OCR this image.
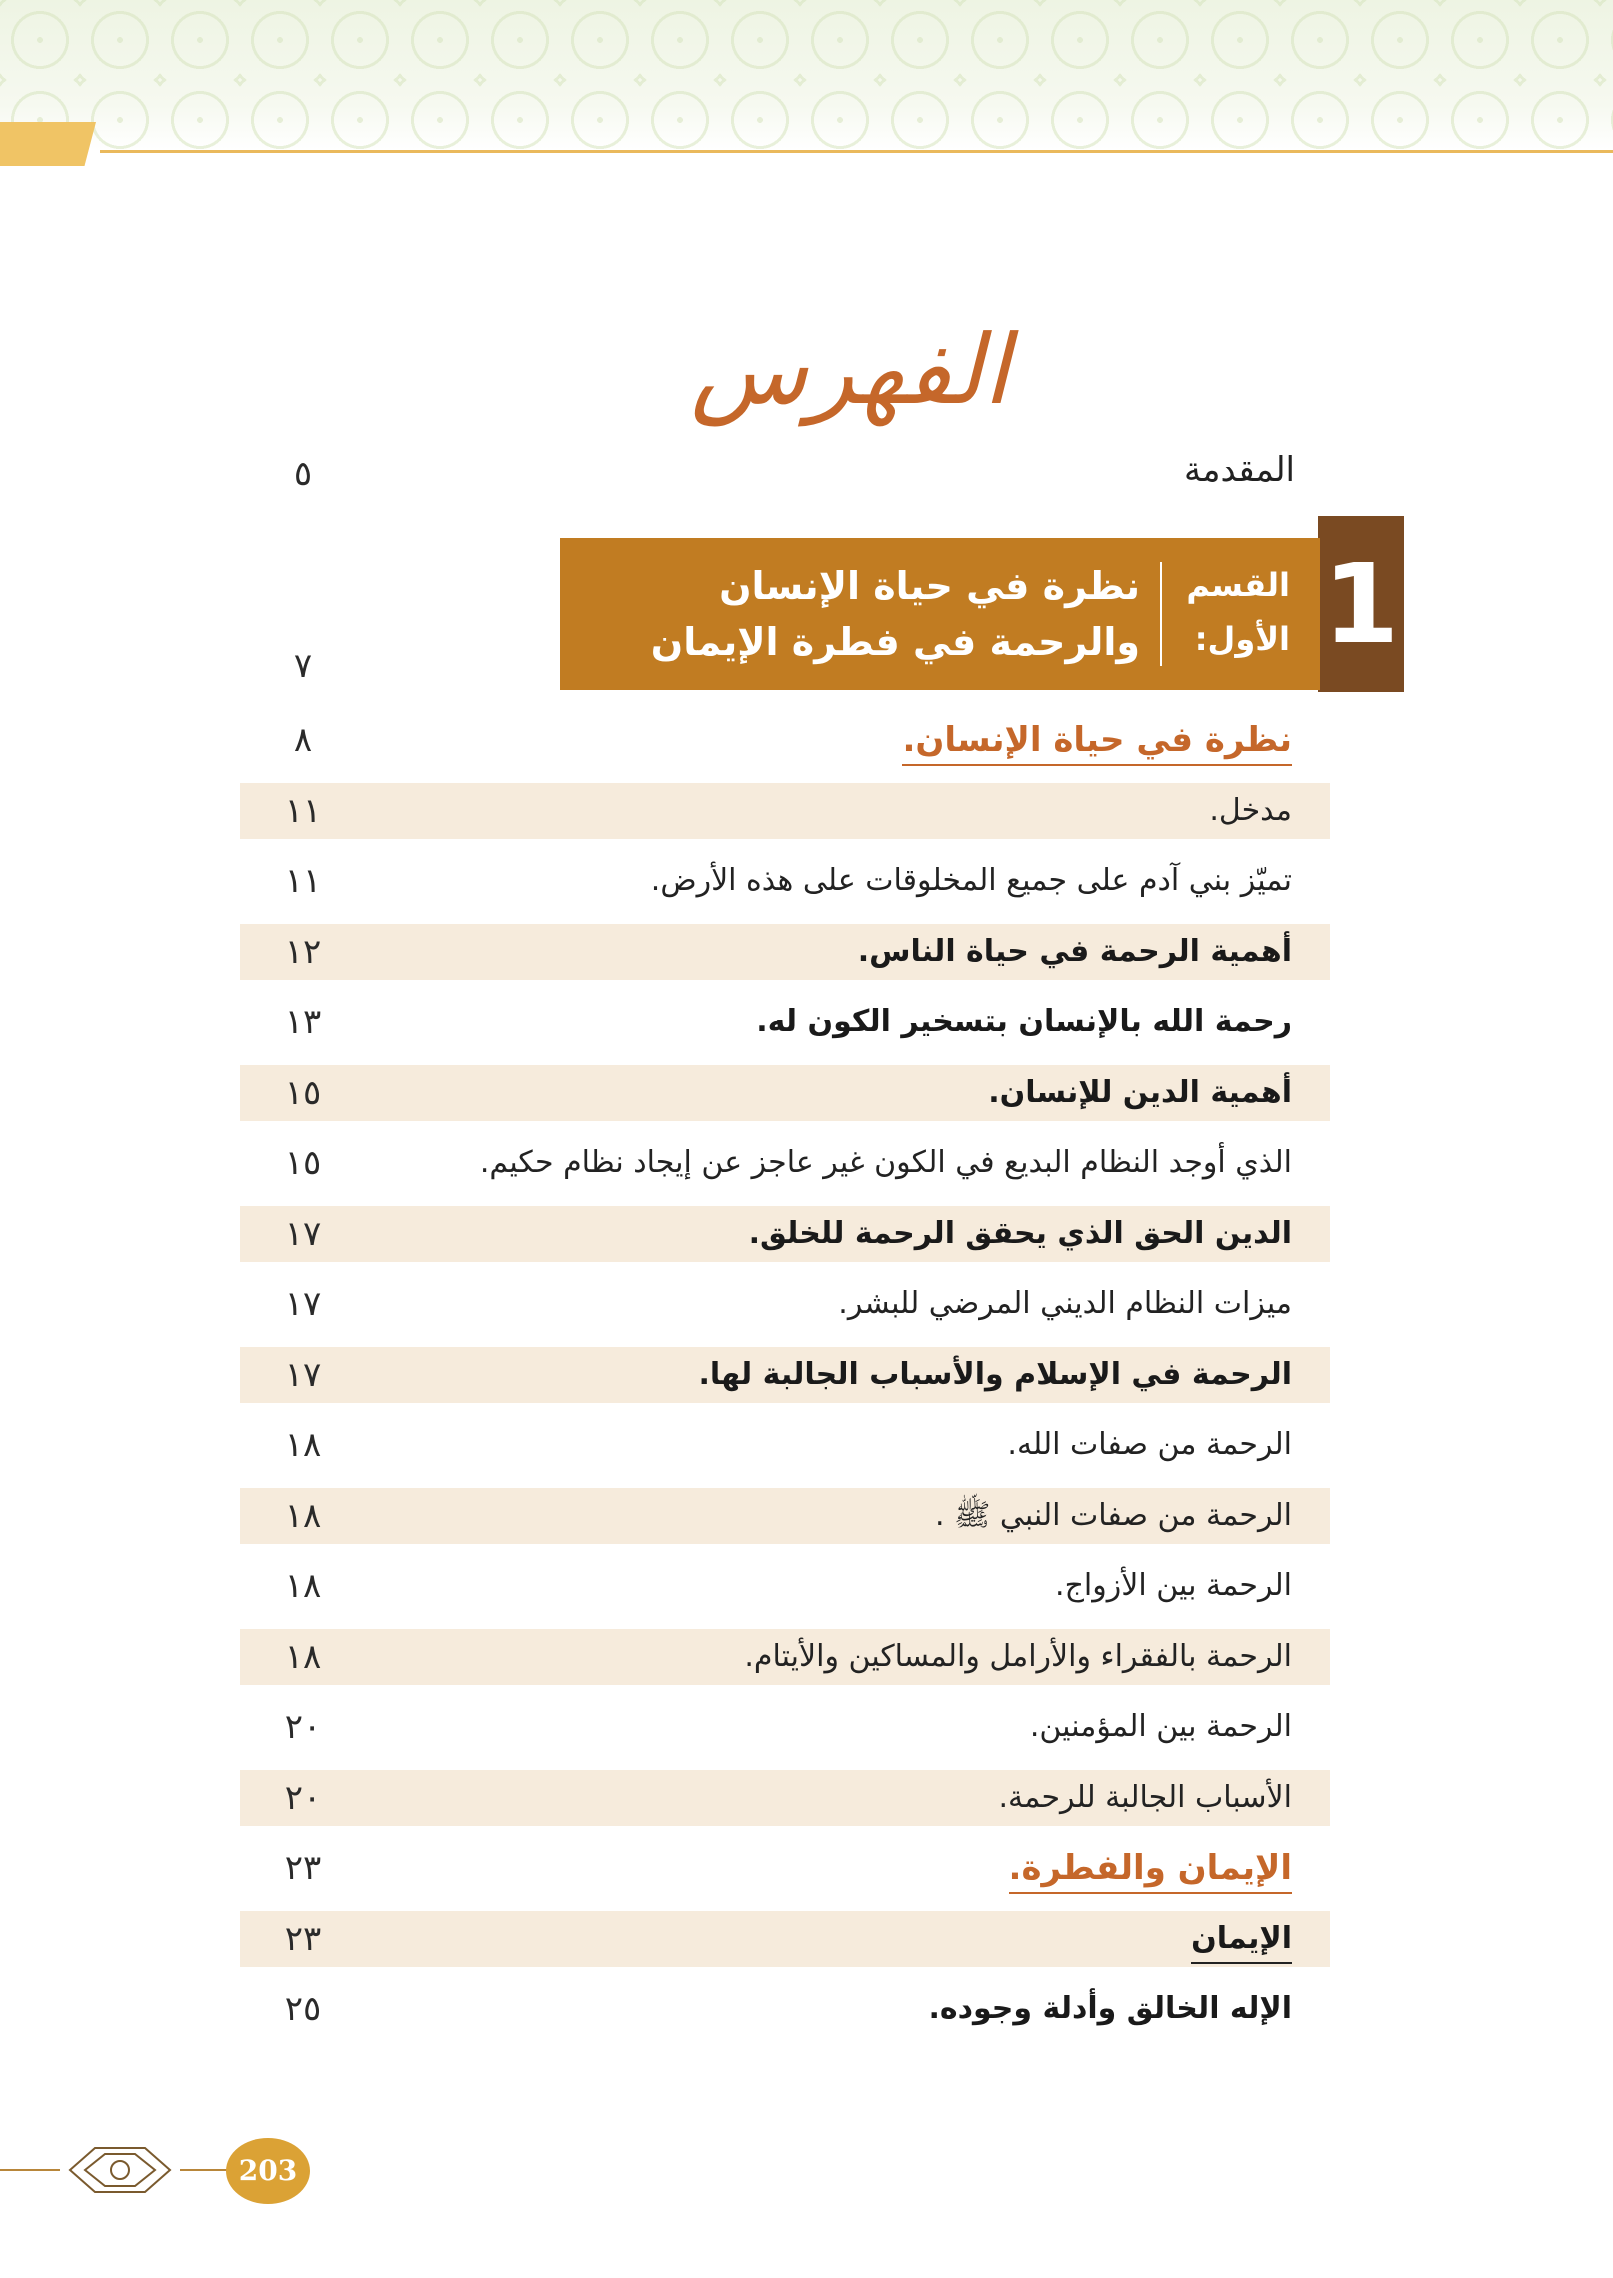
الفهرس
المقدمة
٥
1
القسم
الأول:
نظرة في حياة الإنسان
والرحمة في فطرة الإيمان
٧
نظرة في حياة الإنسان.
٨
مدخل.
١١
تميّز بني آدم على جميع المخلوقات على هذه الأرض.
١١
أهمية الرحمة في حياة الناس.
١٢
رحمة الله بالإنسان بتسخير الكون له.
١٣
أهمية الدين للإنسان.
١٥
الذي أوجد النظام البديع في الكون غير عاجز عن إيجاد نظام حكيم.
١٥
الدين الحق الذي يحقق الرحمة للخلق.
١٧
ميزات النظام الديني المرضي للبشر.
١٧
الرحمة في الإسلام والأسباب الجالبة لها.
١٧
الرحمة من صفات الله.
١٨
الرحمة من صفات النبي ﷺ .
١٨
الرحمة بين الأزواج.
١٨
الرحمة بالفقراء والأرامل والمساكين والأيتام.
١٨
الرحمة بين المؤمنين.
٢٠
الأسباب الجالبة للرحمة.
٢٠
الإيمان والفطرة.
٢٣
الإيمان
٢٣
الإله الخالق وأدلة وجوده.
٢٥
203
